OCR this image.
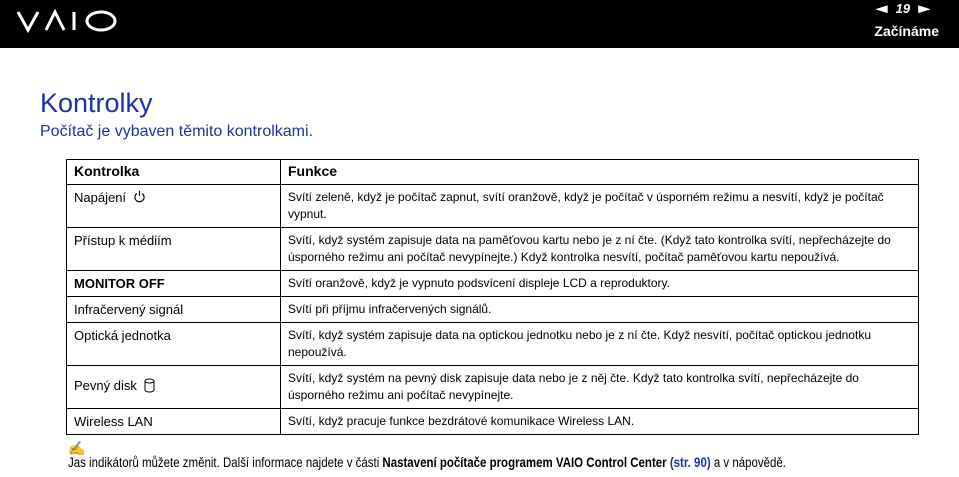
◄ 19 ►
Začínáme
Kontrolky

Počítač je vybaven těmito kontrolkami.

Kontrolka	Funkce
Napájení	Svítí zeleně, když je počítač zapnut, svítí oranžově, když je počítač v úsporném režimu a nesvítí, když je počítač vypnut.
Přístup k médiím	Svítí, když systém zapisuje data na paměťovou kartu nebo je z ní čte. (Když tato kontrolka svítí, nepřecházejte do úsporného režimu ani počítač nevypínejte.) Když kontrolka nesvítí, počítač paměťovou kartu nepoužívá.
MONITOR OFF	Svítí oranžově, když je vypnuto podsvícení displeje LCD a reproduktory.
Infračervený signál	Svítí při příjmu infračervených signálů.
Optická jednotka	Svítí, když systém zapisuje data na optickou jednotku nebo je z ní čte. Když nesvítí, počítač optickou jednotku nepoužívá.
Pevný disk	Svítí, když systém na pevný disk zapisuje data nebo je z něj čte. Když tato kontrolka svítí, nepřecházejte do úsporného režimu ani počítač nevypínejte.
Wireless LAN	Svítí, když pracuje funkce bezdrátové komunikace Wireless LAN.
✍

Jas indikátorů můžete změnit. Další informace najdete v části Nastavení počítače programem VAIO Control Center (str. 90) a v nápovědě.
